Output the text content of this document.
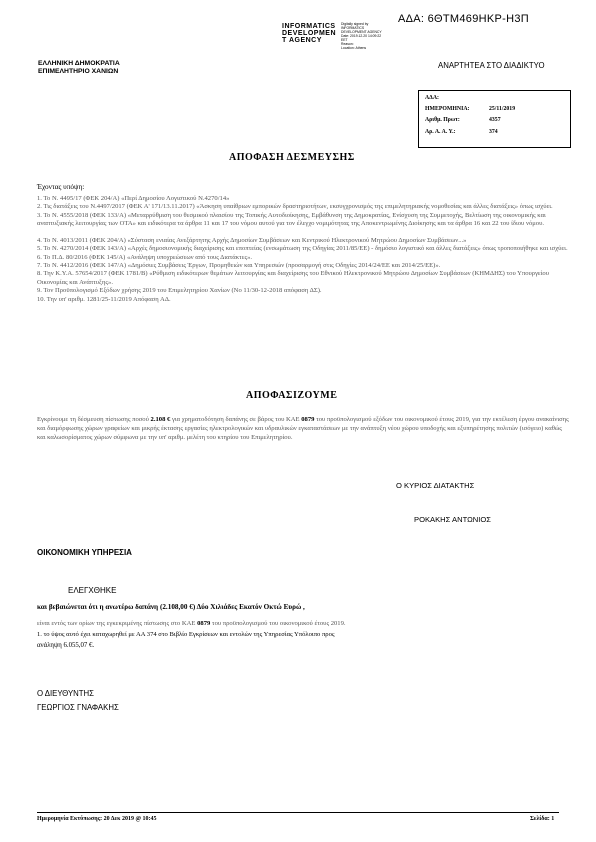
INFORMATICS
DEVELOPMEN
T AGENCY
Digitally signed by
INFORMATICS
DEVELOPMENT AGENCY
Date: 2019.12.20 14:09:22
EET
Reason:
Location: Athens
ΑΔΑ: 6ΘΤΜ469ΗΚΡ-Η3Π
ΕΛΛΗΝΙΚΗ ΔΗΜΟΚΡΑΤΙΑ
ΕΠΙΜΕΛΗΤΗΡΙΟ ΧΑΝΙΩΝ
ΑΝΑΡΤΗΤΕΑ ΣΤΟ ΔΙΑΔΙΚΤΥΟ
ΑΔΑ:
ΗΜΕΡΟΜΗΝΙΑ:	25/11/2019
Αριθμ. Πρωτ:	4357
Αρ. Α. Α. Υ.:	374
ΑΠΟΦΑΣΗ ΔΕΣΜΕΥΣΗΣ
Έχοντας υπόψη:
1. Το Ν. 4495/17 (ΦΕΚ 204/Α) «Περί Δημοσίου Λογιστικού Ν.4270/14»
2. Τις διατάξεις του Ν.4497/2017 (ΦΕΚ Α' 171/13.11.2017) «Άσκηση υπαίθριων εμπορικών δραστηριοτήτων, εκσυγχρονισμός της επιμελητηριακής νομοθεσίας και άλλες διατάξεις» όπως ισχύει.
3. Το Ν. 4555/2018 (ΦΕΚ 133/Α) «Μεταρρύθμιση του θεσμικού πλαισίου της Τοπικής Αυτοδιοίκησης, Εμβάθυνση της Δημοκρατίας, Ενίσχυση της Συμμετοχής, Βελτίωση της οικονομικής και αναπτυξιακής λειτουργίας των ΟΤΑ» και ειδικότερα τα άρθρα 11 και 17 του νόμου αυτού για τον έλεγχο νομιμότητας της Αποκεντρωμένης Διοίκησης και τα άρθρα 16 και 22 του ίδιου νόμου.
4. Το Ν. 4013/2011 (ΦΕΚ 204/Α) «Σύσταση ενιαίας Ανεξάρτητης Αρχής Δημοσίων Συμβάσεων και Κεντρικού Ηλεκτρονικού Μητρώου Δημοσίων Συμβάσεων...»
5. Το Ν. 4270/2014 (ΦΕΚ 143/Α) «Αρχές δημοσιονομικής διαχείρισης και εποπτείας (ενσωμάτωση της Οδηγίας 2011/85/ΕΕ) - δημόσιο λογιστικό και άλλες διατάξεις» όπως τροποποιήθηκε και ισχύει.
6. Το Π.Δ. 80/2016 (ΦΕΚ 145/Α) «Ανάληψη υποχρεώσεων από τους Διατάκτες».
7. Το Ν. 4412/2016 (ΦΕΚ 147/Α) «Δημόσιες Συμβάσεις Έργων, Προμηθειών και Υπηρεσιών (προσαρμογή στις Οδηγίες 2014/24/ΕΕ και 2014/25/ΕΕ)».
8. Την Κ.Υ.Α. 57654/2017 (ΦΕΚ 1781/Β) «Ρύθμιση ειδικότερων θεμάτων λειτουργίας και διαχείρισης του Εθνικού Ηλεκτρονικού Μητρώου Δημοσίων Συμβάσεων (ΚΗΜΔΗΣ) του Υπουργείου Οικονομίας και Ανάπτυξης».
9. Τον Προϋπολογισμό Εξόδων χρήσης 2019 του Επιμελητηρίου Χανίων (Νο 11/30-12-2018 απόφαση ΔΣ).
10. Την υπ' αριθμ. 1281/25-11/2019 Απόφαση ΑΔ.
ΑΠΟΦΑΣΙΖΟΥΜΕ
Εγκρίνουμε τη δέσμευση πίστωσης ποσού 2.108 € για χρηματοδότηση δαπάνης σε βάρος του ΚΑΕ 0879 του προϋπολογισμού εξόδων του οικονομικού έτους 2019, για την εκτέλεση έργου ανακαίνισης και διαμόρφωσης χώρων γραφείων και μικρής έκτασης εργασίες ηλεκτρολογικών και υδραυλικών εγκαταστάσεων με την ανάπτυξη νέου χώρου υποδοχής και εξυπηρέτησης πολιτών (ισόγειο) καθώς και καλωσορίσματος χώρων σύμφωνα με την υπ' αριθμ. μελέτη του κτηρίου του Επιμελητηρίου.
Ο ΚΥΡΙΟΣ ΔΙΑΤΑΚΤΗΣ
ΡΟΚΑΚΗΣ ΑΝΤΩΝΙΟΣ
ΟΙΚΟΝΟΜΙΚΗ ΥΠΗΡΕΣΙΑ
ΕΛΕΓΧΘΗΚΕ
και βεβαιώνεται ότι η ανωτέρω δαπάνη (2.108,00 €) Δύο Χιλιάδες Εκατόν Οκτώ Ευρώ ,
είναι εντός των ορίων της εγκεκριμένης πίστωσης στο ΚΑΕ 0879 του προϋπολογισμού του οικονομικού έτους 2019.
1. το ύψος αυτό έχει καταχωρηθεί με ΑΑ 374 στο Βιβλίο Εγκρίσεων και εντολών της Υπηρεσίας Υπόλοιπο προς
ανάληψη 6.055,07 €.
Ο ΔΙΕΥΘΥΝΤΗΣ
ΓΕΩΡΓΙΟΣ ΓΝΑΦΑΚΗΣ
Ημερομηνία Εκτύπωσης: 20 Δεκ 2019 @ 10:45	Σελίδα: 1
